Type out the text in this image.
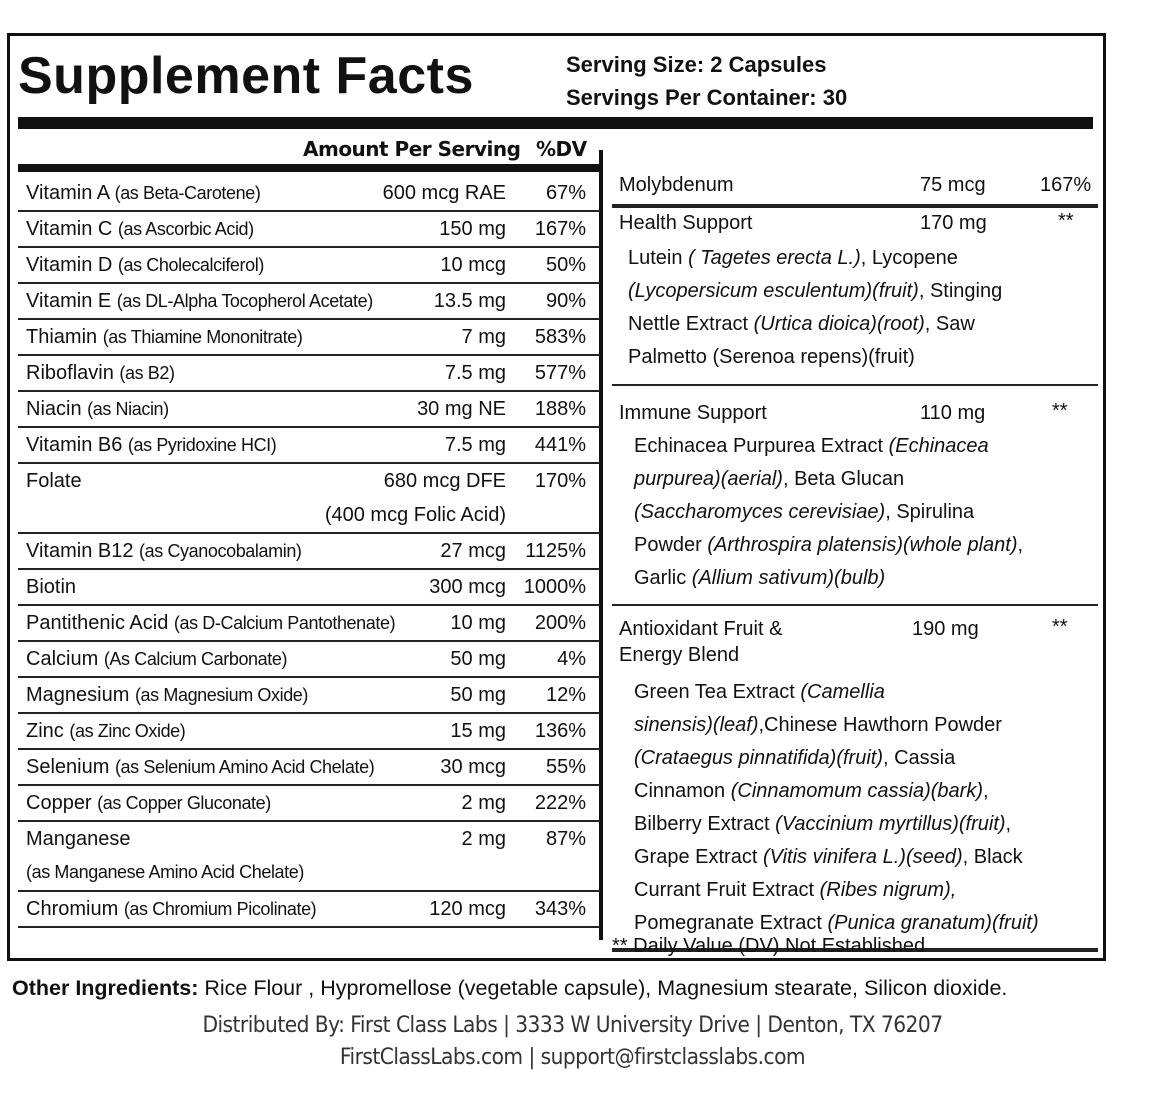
Supplement Facts	Serving Size: 2 Capsules
Servings Per Container: 30
Amount Per Serving %DV
Vitamin A (as Beta-Carotene)	600 mcg RAE 67%
Vitamin C (as Ascorbic Acid)	150 mg 167%
Vitamin D (as Cholecalciferol)	10 mcg 50%
Vitamin E (as DL-Alpha Tocopherol Acetate)	13.5 mg 90%
Thiamin (as Thiamine Mononitrate)	7 mg 583%
Riboflavin (as B2)	7.5 mg 577%
Niacin (as Niacin)	30 mg NE 188%
Vitamin B6 (as Pyridoxine HCI)	7.5 mg 441%
Folate	680 mcg DFE 170%
(400 mcg Folic Acid)
Vitamin B12 (as Cyanocobalamin)	27 mcg 1125%
Biotin	300 mcg 1000%
Pantithenic Acid (as D-Calcium Pantothenate)	10 mg 200%
Calcium (As Calcium Carbonate)	50 mg	4%
Magnesium (as Magnesium Oxide)	50 mg 12%
Zinc (as Zinc Oxide)	15 mg 136%
Selenium (as Selenium Amino Acid Chelate)	30 mcg 55%
Copper (as Copper Gluconate)	2 mg 222%
Manganese	2 mg 87%
(as Manganese Amino Acid Chelate)
Chromium (as Chromium Picolinate)	120 mcg 343%
Molybdenum	75 mcg	167%
Health Support	170 mg	**
Lutein ( Tagetes erecta L.), Lycopene
(Lycopersicum esculentum)(fruit), Stinging
Nettle Extract (Urtica dioica)(root), Saw
Palmetto (Serenoa repens)(fruit)
Immune Support	110 mg	**
Echinacea Purpurea Extract (Echinacea
purpurea)(aerial), Beta Glucan
(Saccharomyces cerevisiae), Spirulina
Powder (Arthrospira platensis)(whole plant),
Garlic (Allium sativum)(bulb)
Antioxidant Fruit &
Energy Blend
190 mg	**
Green Tea Extract (Camellia
sinensis)(leaf),Chinese Hawthorn Powder
(Crataegus pinnatifida)(fruit), Cassia
Cinnamon (Cinnamomum cassia)(bark),
Bilberry Extract (Vaccinium myrtillus)(fruit),
Grape Extract (Vitis vinifera L.)(seed), Black
Currant Fruit Extract (Ribes nigrum),
Pomegranate Extract (Punica granatum)(fruit)
** Daily Value (DV) Not Established
Other Ingredients: Rice Flour , Hypromellose (vegetable capsule), Magnesium stearate, Silicon dioxide.
Distributed By: First Class Labs | 3333 W University Drive | Denton, TX 76207
FirstClassLabs.com | support@firstclasslabs.com
